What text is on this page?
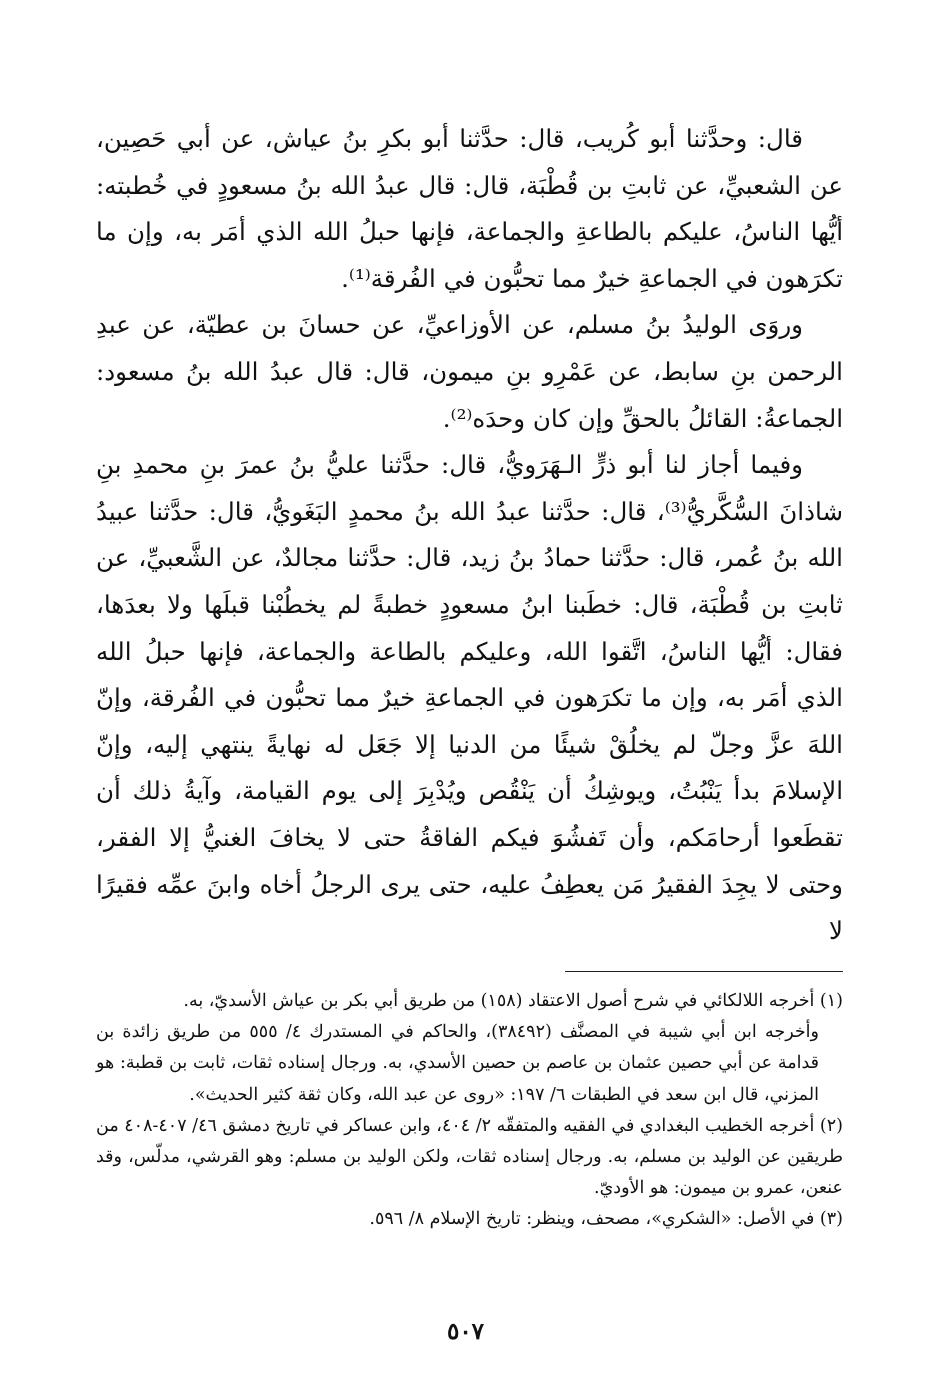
قال: وحدَّثنا أبو كُريب، قال: حدَّثنا أبو بكرِ بنُ عياش، عن أبي حَصِين، عن الشعبيِّ، عن ثابتِ بن قُطْبَة، قال: قال عبدُ الله بنُ مسعودٍ في خُطبته: أيُّها الناسُ، عليكم بالطاعةِ والجماعة، فإنها حبلُ الله الذي أمَر به، وإن ما تكرَهون في الجماعةِ خيرٌ مما تحبُّون في الفُرقة⁽¹⁾.

وروَى الوليدُ بنُ مسلم، عن الأوزاعيِّ، عن حسانَ بن عطيّة، عن عبدِ الرحمن بنِ سابط، عن عَمْرِو بنِ ميمون، قال: قال عبدُ الله بنُ مسعود: الجماعةُ: القائلُ بالحقِّ وإن كان وحدَه⁽²⁾.

وفيما أجاز لنا أبو ذرٍّ الـهَرَويُّ، قال: حدَّثنا عليُّ بنُ عمرَ بنِ محمدِ بنِ شاذانَ السُّكَّريُّ⁽³⁾، قال: حدَّثنا عبدُ الله بنُ محمدٍ البَغَويُّ، قال: حدَّثنا عبيدُ الله بنُ عُمر، قال: حدَّثنا حمادُ بنُ زيد، قال: حدَّثنا مجالدٌ، عن الشَّعبيِّ، عن ثابتِ بن قُطْبَة، قال: خطَبنا ابنُ مسعودٍ خطبةً لم يخطُبْنا قبلَها ولا بعدَها، فقال: أيُّها الناسُ، اتَّقوا الله، وعليكم بالطاعة والجماعة، فإنها حبلُ الله الذي أمَر به، وإن ما تكرَهون في الجماعةِ خيرٌ مما تحبُّون في الفُرقة، وإنّ اللهَ عزَّ وجلّ لم يخلُقْ شيئًا من الدنيا إلا جَعَل له نهايةً ينتهي إليه، وإنّ الإسلامَ بدأ يَنْبُتُ، ويوشِكُ أن يَنْقُص ويُدْبِرَ إلى يوم القيامة، وآيةُ ذلك أن تقطَعوا أرحامَكم، وأن تَفشُوَ فيكم الفاقةُ حتى لا يخافَ الغنيُّ إلا الفقر، وحتى لا يجِدَ الفقيرُ مَن يعطِفُ عليه، حتى يرى الرجلُ أخاه وابنَ عمِّه فقيرًا لا

(١) أخرجه اللالكائي في شرح أصول الاعتقاد (١٥٨) من طريق أبي بكر بن عياش الأسديّ، به.

وأخرجه ابن أبي شيبة في المصنَّف (٣٨٤٩٢)، والحاكم في المستدرك ٤/ ٥٥٥ من طريق زائدة بن قدامة عن أبي حصين عثمان بن عاصم بن حصين الأسدي، به. ورجال إسناده ثقات، ثابت بن قطبة: هو المزني، قال ابن سعد في الطبقات ٦/ ١٩٧: «روى عن عبد الله، وكان ثقة كثير الحديث».

(٢) أخرجه الخطيب البغدادي في الفقيه والمتفقّه ٢/ ٤٠٤، وابن عساكر في تاريخ دمشق ٤٦/ ٤٠٧-٤٠٨ من طريقين عن الوليد بن مسلم، به. ورجال إسناده ثقات، ولكن الوليد بن مسلم: وهو القرشي، مدلّس، وقد عنعن، عمرو بن ميمون: هو الأوديّ.

(٣) في الأصل: «الشكري»، مصحف، وينظر: تاريخ الإسلام ٨/ ٥٩٦.

٥٠٧
